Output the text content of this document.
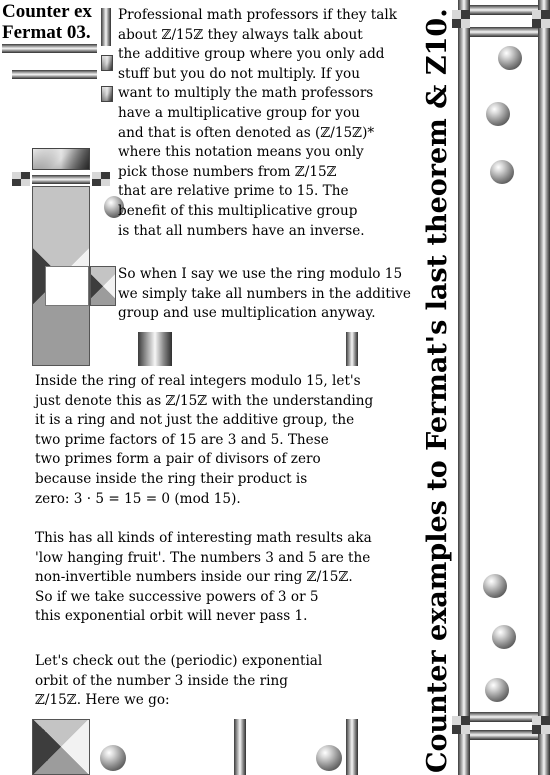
Counter ex
Fermat 03.
Professional math professors if they talk
about ℤ/15ℤ they always talk about
the additive group where you only add
stuff but you do not multiply. If you
want to multiply the math professors
have a multiplicative group for you
and that is often denoted as (ℤ/15ℤ)*
where this notation means you only
pick those numbers from ℤ/15ℤ
that are relative prime to 15. The
benefit of this multiplicative group
is that all numbers have an inverse.
So when I say we use the ring modulo 15
we simply take all numbers in the additive
group and use multiplication anyway.
Inside the ring of real integers modulo 15, let's
just denote this as ℤ/15ℤ with the understanding
it is a ring and not just the additive group, the
two prime factors of 15 are 3 and 5. These
two primes form a pair of divisors of zero
because inside the ring their product is
zero: 3 · 5 = 15 = 0 (mod 15).
This has all kinds of interesting math results aka
'low hanging fruit'. The numbers 3 and 5 are the
non-invertible numbers inside our ring ℤ/15ℤ.
So if we take successive powers of 3 or 5
this exponential orbit will never pass 1.
Let's check out the (periodic) exponential
orbit of the number 3 inside the ring
ℤ/15ℤ. Here we go:	Counter examples to Fermat's last theorem & Z10.
